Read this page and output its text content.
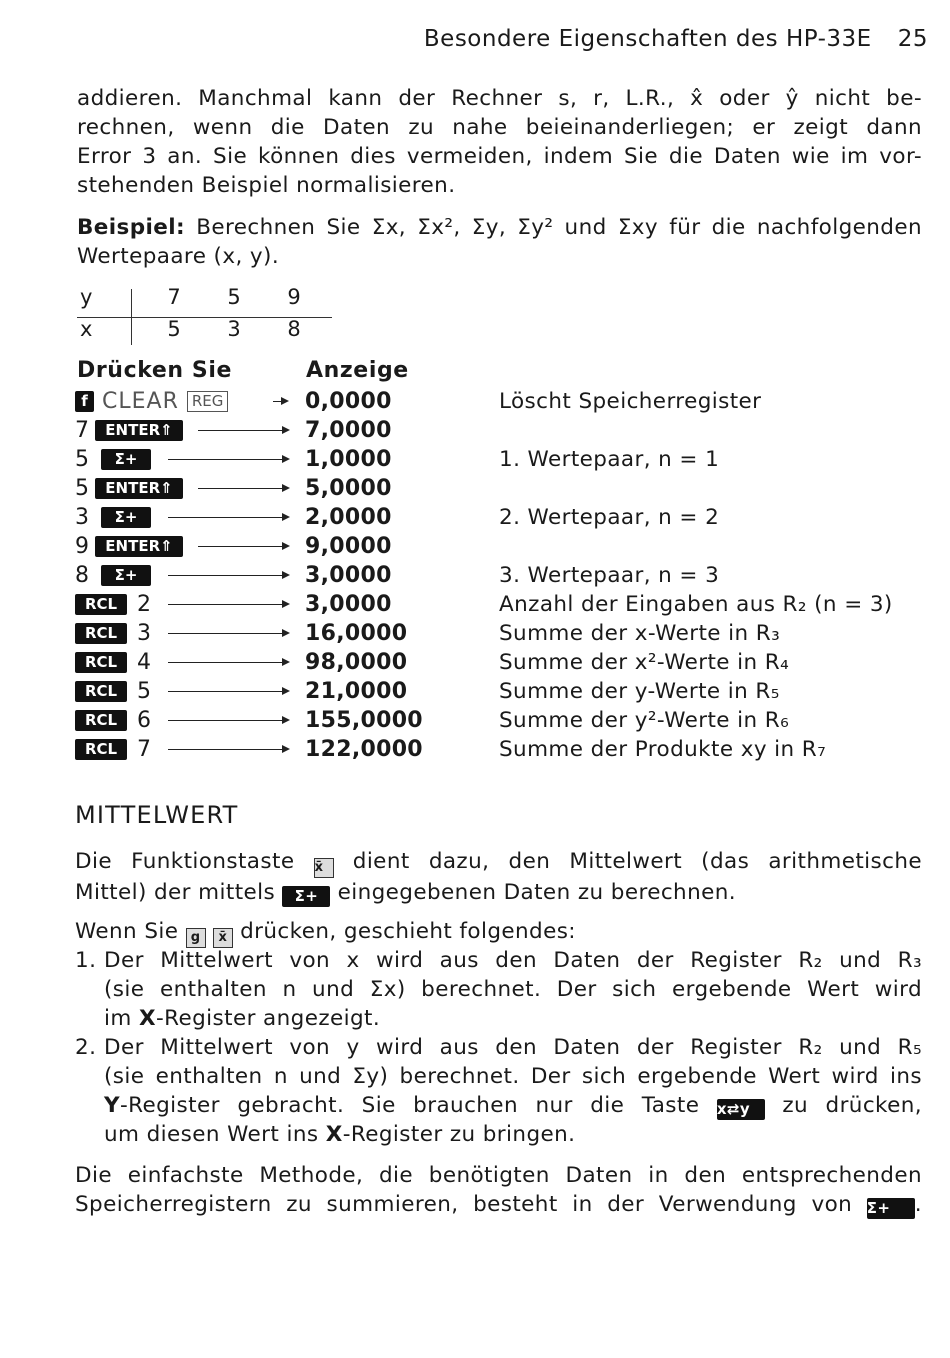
Besondere Eigenschaften des HP-33E 25
addieren. Manchmal kann der Rechner s, r, L.R., x̂ oder ŷ nicht be-
rechnen, wenn die Daten zu nahe beieinanderliegen; er zeigt dann
Error 3 an. Sie können dies vermeiden, indem Sie die Daten wie im vor-
stehenden Beispiel normalisieren.
Beispiel: Berechnen Sie Σx, Σx², Σy, Σy² und Σxy für die nachfolgenden
Wertepaare (x, y).
y	7	5	9
x	5	3	8
Drücken Sie	Anzeige
f CLEAR REG	0,0000	Löscht Speicherregister
7	ENTER⇑	7,0000
5	Σ+	1,0000	1. Wertepaar, n = 1
5	ENTER⇑	5,0000
3	Σ+	2,0000	2. Wertepaar, n = 2
9	ENTER⇑	9,0000
8	Σ+	3,0000	3. Wertepaar, n = 3
RCL 2	3,0000	Anzahl der Eingaben aus R₂ (n = 3)
RCL 3	16,0000	Summe der x-Werte in R₃
RCL 4	98,0000	Summe der x²-Werte in R₄
RCL 5	21,0000	Summe der y-Werte in R₅
RCL 6	155,0000	Summe der y²-Werte in R₆
RCL 7	122,0000	Summe der Produkte xy in R₇
MITTELWERT
Die Funktionstaste x̄ dient dazu, den Mittelwert (das arithmetische
Mittel) der mittels Σ+ eingegebenen Daten zu berechnen.
Wenn Sie g x̄ drücken, geschieht folgendes:
1. Der Mittelwert von x wird aus den Daten der Register R₂ und R₃
(sie enthalten n und Σx) berechnet. Der sich ergebende Wert wird
im X-Register angezeigt.
2. Der Mittelwert von y wird aus den Daten der Register R₂ und R₅
(sie enthalten n und Σy) berechnet. Der sich ergebende Wert wird ins
Y-Register gebracht. Sie brauchen nur die Taste x⇄y zu drücken,
um diesen Wert ins X-Register zu bringen.
Die einfachste Methode, die benötigten Daten in den entsprechenden
Speicherregistern zu summieren, besteht in der Verwendung von Σ+ .
